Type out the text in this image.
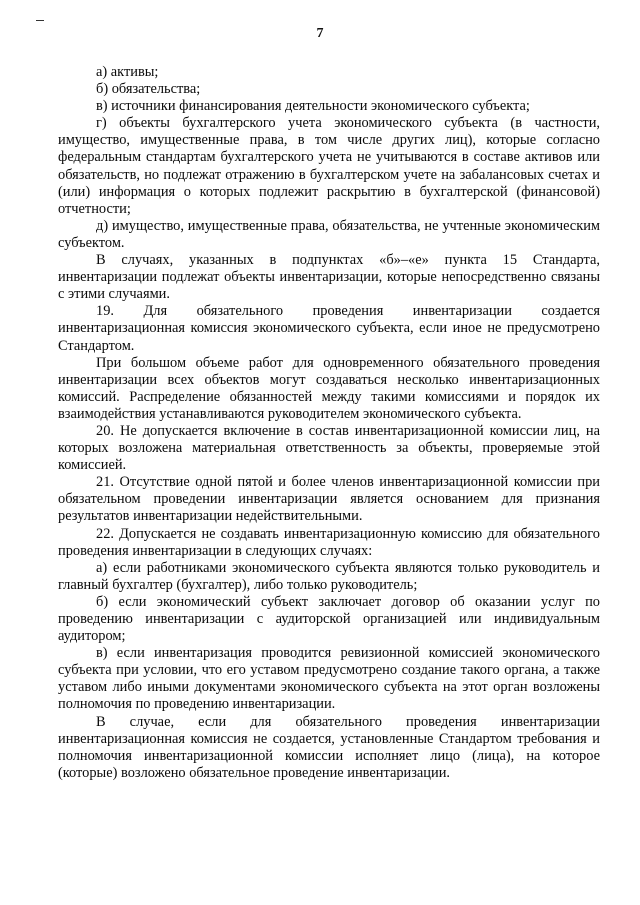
7

а) активы;

б) обязательства;

в) источники финансирования деятельности экономического субъекта;

г) объекты бухгалтерского учета экономического субъекта (в частности, имущество, имущественные права, в том числе других лиц), которые согласно федеральным стандартам бухгалтерского учета не учитываются в составе активов или обязательств, но подлежат отражению в бухгалтерском учете на забалансовых счетах и (или) информация о которых подлежит раскрытию в бухгалтерской (финансовой) отчетности;

д) имущество, имущественные права, обязательства, не учтенные экономическим субъектом.

В случаях, указанных в подпунктах «б»–«е» пункта 15 Стандарта, инвентаризации подлежат объекты инвентаризации, которые непосредственно связаны с этими случаями.

19. Для обязательного проведения инвентаризации создается инвентаризационная комиссия экономического субъекта, если иное не предусмотрено Стандартом.

При большом объеме работ для одновременного обязательного проведения инвентаризации всех объектов могут создаваться несколько инвентаризационных комиссий. Распределение обязанностей между такими комиссиями и порядок их взаимодействия устанавливаются руководителем экономического субъекта.

20. Не допускается включение в состав инвентаризационной комиссии лиц, на которых возложена материальная ответственность за объекты, проверяемые этой комиссией.

21. Отсутствие одной пятой и более членов инвентаризационной комиссии при обязательном проведении инвентаризации является основанием для признания результатов инвентаризации недействительными.

22. Допускается не создавать инвентаризационную комиссию для обязательного проведения инвентаризации в следующих случаях:

а) если работниками экономического субъекта являются только руководитель и главный бухгалтер (бухгалтер), либо только руководитель;

б) если экономический субъект заключает договор об оказании услуг по проведению инвентаризации с аудиторской организацией или индивидуальным аудитором;

в) если инвентаризация проводится ревизионной комиссией экономического субъекта при условии, что его уставом предусмотрено создание такого органа, а также уставом либо иными документами экономического субъекта на этот орган возложены полномочия по проведению инвентаризации.

В случае, если для обязательного проведения инвентаризации инвентаризационная комиссия не создается, установленные Стандартом требования и полномочия инвентаризационной комиссии исполняет лицо (лица), на которое (которые) возложено обязательное проведение инвентаризации.
